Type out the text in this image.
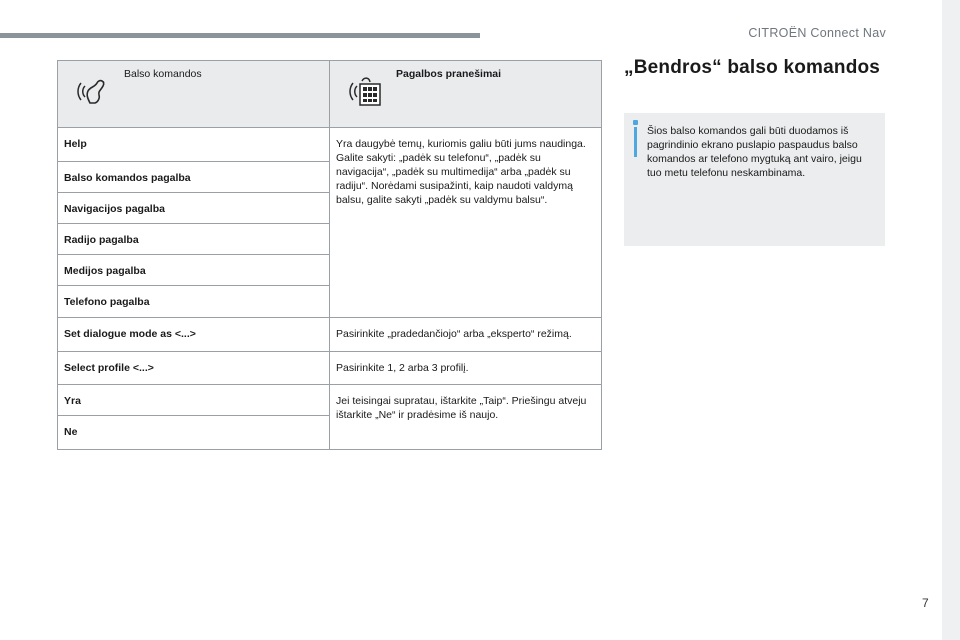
CITROËN Connect Nav
Balso komandos	Pagalbos pranešimai

Help	Yra daugybė temų, kuriomis galiu būti jums naudinga. Galite sakyti: „padėk su telefonu“, „padėk su navigacija“, „padėk su multimedija“ arba „padėk su radiju“. Norėdami susipažinti, kaip naudoti valdymą balsu, galite sakyti „padėk su valdymu balsu“.
Balso komandos pagalba	
Navigacijos pagalba	
Radijo pagalba	
Medijos pagalba	
Telefono pagalba	
Set dialogue mode as <...>	Pasirinkite „pradedančiojo“ arba „eksperto“ režimą.
Select profile <...>	Pasirinkite 1, 2 arba 3 profilį.
Yra	Jei teisingai supratau, ištarkite „Taip“. Priešingu atveju ištarkite „Ne“ ir pradėsime iš naujo.
Ne	
„Bendros“ balso komandos
Šios balso komandos gali būti duodamos iš pagrindinio ekrano puslapio paspaudus balso komandos ar telefono mygtuką ant vairo, jeigu tuo metu telefonu neskambinama.
7
